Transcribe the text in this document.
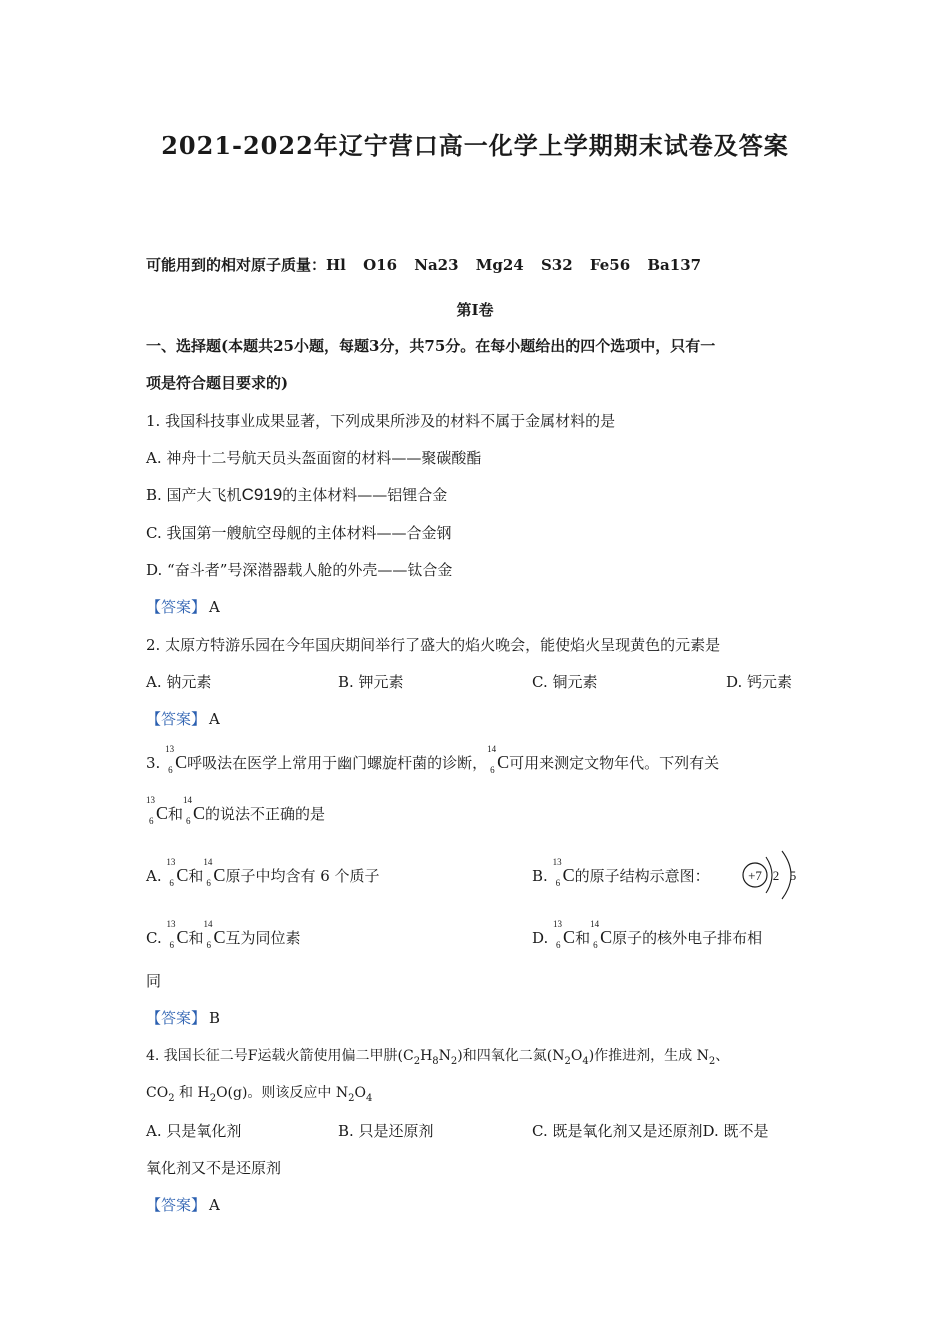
2021-2022年辽宁营口高一化学上学期期末试卷及答案
可能用到的相对原子质量：Hl O16 Na23 Mg24 S32 Fe56 Ba137
第Ⅰ卷
一、选择题(本题共25小题，每题3分，共75分。在每小题给出的四个选项中，只有一
项是符合题目要求的)
1. 我国科技事业成果显著，下列成果所涉及的材料不属于金属材料的是
A. 神舟十二号航天员头盔面窗的材料——聚碳酸酯
B. 国产大飞机C919的主体材料——铝锂合金
C. 我国第一艘航空母舰的主体材料——合金钢
D. “奋斗者”号深潜器载人舱的外壳——钛合金
【答案】 A
2. 太原方特游乐园在今年国庆期间举行了盛大的焰火晚会，能使焰火呈现黄色的元素是
A. 钠元素	B. 钾元素	C. 铜元素	D. 钙元素
【答案】 A
3.
13
6 C呼吸法在医学上常用于幽门螺旋杆菌的诊断，
14
6 C可用来测定文物年代。下列有关
13
6 C和
14
6 C的说法不正确的是
A.
13
6 C和
14
6 C原子中均含有 6 个质子	B.
13
6 C的原子结构示意图：	+7 2 5
C.
13
6 C和
14
6 C互为同位素	D.
13
6 C和
14
6 C原子的核外电子排布相
同
【答案】 B
4. 我国长征二号F运载火箭使用偏二甲肼$(C_2H_8N_2)$和四氧化二氮$(N_2O_4)$作推进剂，生成 $N_2$、
$CO_2$ 和 $H_2O(g)$。则该反应中 $N_2O_4$
A. 只是氧化剂	B. 只是还原剂	C. 既是氧化剂又是还原剂D. 既不是
氧化剂又不是还原剂
【答案】 A
